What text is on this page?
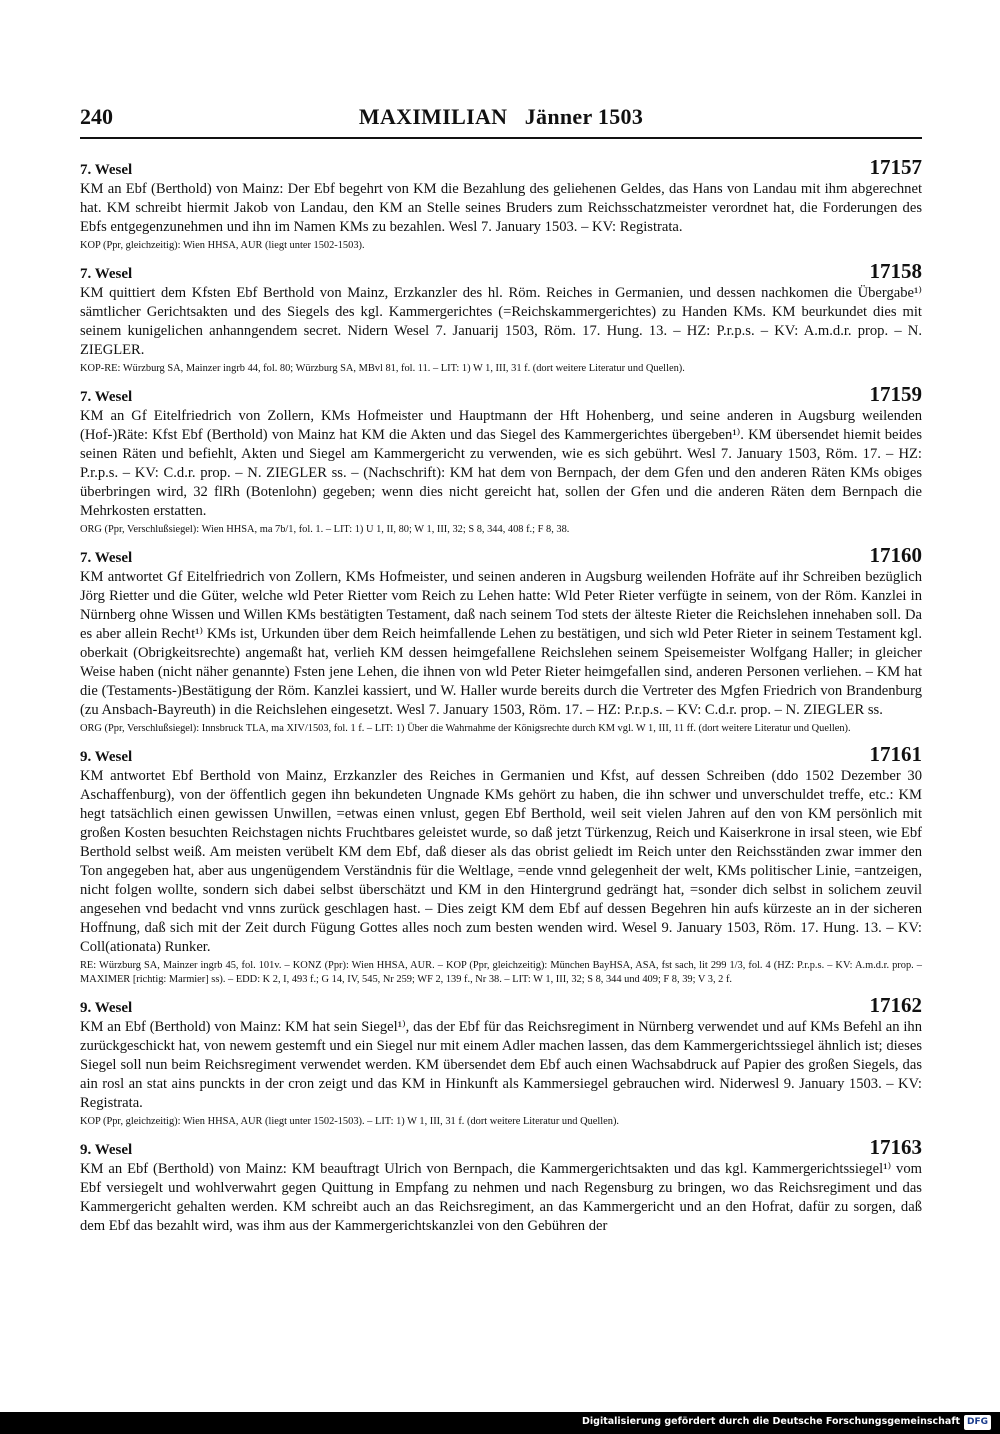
240	MAXIMILIAN   Jänner 1503
7. Wesel	17157

KM an Ebf (Berthold) von Mainz: Der Ebf begehrt von KM die Bezahlung des geliehenen Geldes, das Hans von Landau mit ihm abgerechnet hat. KM schreibt hiermit Jakob von Landau, den KM an Stelle seines Bruders zum Reichsschatzmeister verordnet hat, die Forderungen des Ebfs entgegenzunehmen und ihn im Namen KMs zu bezahlen. Wesl 7. January 1503. – KV: Registrata.

KOP (Ppr, gleichzeitig): Wien HHSA, AUR (liegt unter 1502-1503).

7. Wesel	17158

KM quittiert dem Kfsten Ebf Berthold von Mainz, Erzkanzler des hl. Röm. Reiches in Germanien, und dessen nachkomen die Übergabe¹⁾ sämtlicher Gerichtsakten und des Siegels des kgl. Kammergerichtes (=Reichskammergerichtes) zu Handen KMs. KM beurkundet dies mit seinem kunigelichen anhanngendem secret. Nidern Wesel 7. Januarij 1503, Röm. 17. Hung. 13. – HZ: P.r.p.s. – KV: A.m.d.r. prop. – N. ZIEGLER.

KOP-RE: Würzburg SA, Mainzer ingrb 44, fol. 80; Würzburg SA, MBvl 81, fol. 11. – LIT: 1) W 1, III, 31 f. (dort weitere Literatur und Quellen).

7. Wesel	17159

KM an Gf Eitelfriedrich von Zollern, KMs Hofmeister und Hauptmann der Hft Hohenberg, und seine anderen in Augsburg weilenden (Hof-)Räte: Kfst Ebf (Berthold) von Mainz hat KM die Akten und das Siegel des Kammergerichtes übergeben¹⁾. KM übersendet hiemit beides seinen Räten und befiehlt, Akten und Siegel am Kammergericht zu verwenden, wie es sich gebührt. Wesl 7. January 1503, Röm. 17. – HZ: P.r.p.s. – KV: C.d.r. prop. – N. ZIEGLER ss. – (Nachschrift): KM hat dem von Bernpach, der dem Gfen und den anderen Räten KMs obiges überbringen wird, 32 flRh (Botenlohn) gegeben; wenn dies nicht gereicht hat, sollen der Gfen und die anderen Räten dem Bernpach die Mehrkosten erstatten.

ORG (Ppr, Verschlußsiegel): Wien HHSA, ma 7b/1, fol. 1. – LIT: 1) U 1, II, 80; W 1, III, 32; S 8, 344, 408 f.; F 8, 38.

7. Wesel	17160

KM antwortet Gf Eitelfriedrich von Zollern, KMs Hofmeister, und seinen anderen in Augsburg weilenden Hofräte auf ihr Schreiben bezüglich Jörg Rietter und die Güter, welche wld Peter Rietter vom Reich zu Lehen hatte: Wld Peter Rieter verfügte in seinem, von der Röm. Kanzlei in Nürnberg ohne Wissen und Willen KMs bestätigten Testament, daß nach seinem Tod stets der älteste Rieter die Reichslehen innehaben soll. Da es aber allein Recht¹⁾ KMs ist, Urkunden über dem Reich heimfallende Lehen zu bestätigen, und sich wld Peter Rieter in seinem Testament kgl. oberkait (Obrigkeitsrechte) angemaßt hat, verlieh KM dessen heimgefallene Reichslehen seinem Speisemeister Wolfgang Haller; in gleicher Weise haben (nicht näher genannte) Fsten jene Lehen, die ihnen von wld Peter Rieter heimgefallen sind, anderen Personen verliehen. – KM hat die (Testaments-)Bestätigung der Röm. Kanzlei kassiert, und W. Haller wurde bereits durch die Vertreter des Mgfen Friedrich von Brandenburg (zu Ansbach-Bayreuth) in die Reichslehen eingesetzt. Wesl 7. January 1503, Röm. 17. – HZ: P.r.p.s. – KV: C.d.r. prop. – N. ZIEGLER ss.

ORG (Ppr, Verschlußsiegel): Innsbruck TLA, ma XIV/1503, fol. 1 f. – LIT: 1) Über die Wahrnahme der Königsrechte durch KM vgl. W 1, III, 11 ff. (dort weitere Literatur und Quellen).

9. Wesel	17161

KM antwortet Ebf Berthold von Mainz, Erzkanzler des Reiches in Germanien und Kfst, auf dessen Schreiben (ddo 1502 Dezember 30 Aschaffenburg), von der öffentlich gegen ihn bekundeten Ungnade KMs gehört zu haben, die ihn schwer und unverschuldet treffe, etc.: KM hegt tatsächlich einen gewissen Unwillen, =etwas einen vnlust, gegen Ebf Berthold, weil seit vielen Jahren auf den von KM persönlich mit großen Kosten besuchten Reichstagen nichts Fruchtbares geleistet wurde, so daß jetzt Türkenzug, Reich und Kaiserkrone in irsal steen, wie Ebf Berthold selbst weiß. Am meisten verübelt KM dem Ebf, daß dieser als das obrist geliedt im Reich unter den Reichsständen zwar immer den Ton angegeben hat, aber aus ungenügendem Verständnis für die Weltlage, =ende vnnd gelegenheit der welt, KMs politischer Linie, =antzeigen, nicht folgen wollte, sondern sich dabei selbst überschätzt und KM in den Hintergrund gedrängt hat, =sonder dich selbst in solichem zeuvil angesehen vnd bedacht vnd vnns zurück geschlagen hast. – Dies zeigt KM dem Ebf auf dessen Begehren hin aufs kürzeste an in der sicheren Hoffnung, daß sich mit der Zeit durch Fügung Gottes alles noch zum besten wenden wird. Wesel 9. January 1503, Röm. 17. Hung. 13. – KV: Coll(ationata) Runker.

RE: Würzburg SA, Mainzer ingrb 45, fol. 101v. – KONZ (Ppr): Wien HHSA, AUR. – KOP (Ppr, gleichzeitig): München BayHSA, ASA, fst sach, lit 299 1/3, fol. 4 (HZ: P.r.p.s. – KV: A.m.d.r. prop. – MAXIMER [richtig: Marmier] ss). – EDD: K 2, I, 493 f.; G 14, IV, 545, Nr 259; WF 2, 139 f., Nr 38. – LIT: W 1, III, 32; S 8, 344 und 409; F 8, 39; V 3, 2 f.

9. Wesel	17162

KM an Ebf (Berthold) von Mainz: KM hat sein Siegel¹⁾, das der Ebf für das Reichsregiment in Nürnberg verwendet und auf KMs Befehl an ihn zurückgeschickt hat, von newem gestemft und ein Siegel nur mit einem Adler machen lassen, das dem Kammergerichtssiegel ähnlich ist; dieses Siegel soll nun beim Reichsregiment verwendet werden. KM übersendet dem Ebf auch einen Wachsabdruck auf Papier des großen Siegels, das ain rosl an stat ains punckts in der cron zeigt und das KM in Hinkunft als Kammersiegel gebrauchen wird. Niderwesl 9. January 1503. – KV: Registrata.

KOP (Ppr, gleichzeitig): Wien HHSA, AUR (liegt unter 1502-1503). – LIT: 1) W 1, III, 31 f. (dort weitere Literatur und Quellen).

9. Wesel	17163

KM an Ebf (Berthold) von Mainz: KM beauftragt Ulrich von Bernpach, die Kammergerichtsakten und das kgl. Kammergerichtssiegel¹⁾ vom Ebf versiegelt und wohlverwahrt gegen Quittung in Empfang zu nehmen und nach Regensburg zu bringen, wo das Reichsregiment und das Kammergericht gehalten werden. KM schreibt auch an das Reichsregiment, an das Kammergericht und an den Hofrat, dafür zu sorgen, daß dem Ebf das bezahlt wird, was ihm aus der Kammergerichtskanzlei von den Gebühren der

Digitalisierung gefördert durch die Deutsche Forschungsgemeinschaft DFG
